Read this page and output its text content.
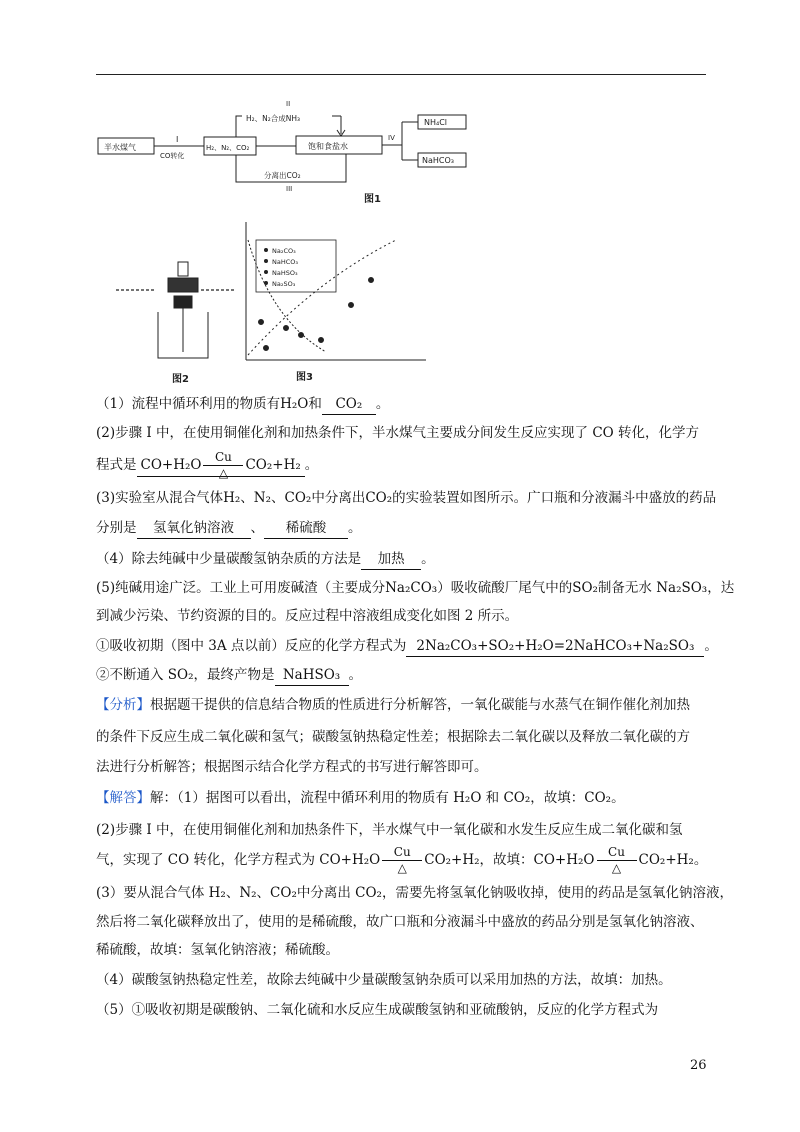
半水煤气
I
CO转化
H₂、N₂、CO₂
H₂、N₂合成NH₃
II
饱和食盐水
分离出CO₂
III
IV
NH₄Cl
NaHCO₃
图1
图2
Na₂CO₃
NaHCO₃
NaHSO₃
Na₂SO₃
图3
（1）流程中循环利用的物质有H₂O和 CO₂ 。
(2)步骤 I 中，在使用铜催化剂和加热条件下，半水煤气主要成分间发生反应实现了 CO 转化，化学方
程式是 CO+H₂O
Cu
△	CO₂+H₂ 。
(3)实验室从混合气体H₂、N₂、CO₂中分离出CO₂的实验装置如图所示。广口瓶和分液漏斗中盛放的药品
分别是 氢氧化钠溶液 、 稀硫酸 。
（4）除去纯碱中少量碳酸氢钠杂质的方法是 加热 。
(5)纯碱用途广泛。工业上可用废碱渣（主要成分Na₂CO₃）吸收硫酸厂尾气中的SO₂制备无水 Na₂SO₃，达
到减少污染、节约资源的目的。反应过程中溶液组成变化如图 2 所示。
①吸收初期（图中 3A 点以前）反应的化学方程式为 2Na₂CO₃+SO₂+H₂O=2NaHCO₃+Na₂SO₃ 。
②不断通入 SO₂，最终产物是 NaHSO₃ 。
【分析】根据题干提供的信息结合物质的性质进行分析解答，一氧化碳能与水蒸气在铜作催化剂加热
的条件下反应生成二氧化碳和氢气；碳酸氢钠热稳定性差；根据除去二氧化碳以及释放二氧化碳的方
法进行分析解答；根据图示结合化学方程式的书写进行解答即可。
【解答】解：（1）据图可以看出，流程中循环利用的物质有 H₂O 和 CO₂，故填：CO₂。
(2)步骤 I 中，在使用铜催化剂和加热条件下，半水煤气中一氧化碳和水发生反应生成二氧化碳和氢
气，实现了 CO 转化，化学方程式为 CO+H₂O
Cu
△	CO₂+H₂，故填：CO+H₂O
Cu
△	CO₂+H₂。
(3）要从混合气体 H₂、N₂、CO₂中分离出 CO₂，需要先将氢氧化钠吸收掉，使用的药品是氢氧化钠溶液，
然后将二氧化碳释放出了，使用的是稀硫酸，故广口瓶和分液漏斗中盛放的药品分别是氢氧化钠溶液、
稀硫酸，故填：氢氧化钠溶液；稀硫酸。
（4）碳酸氢钠热稳定性差，故除去纯碱中少量碳酸氢钠杂质可以采用加热的方法，故填：加热。
（5）①吸收初期是碳酸钠、二氧化硫和水反应生成碳酸氢钠和亚硫酸钠，反应的化学方程式为
26
